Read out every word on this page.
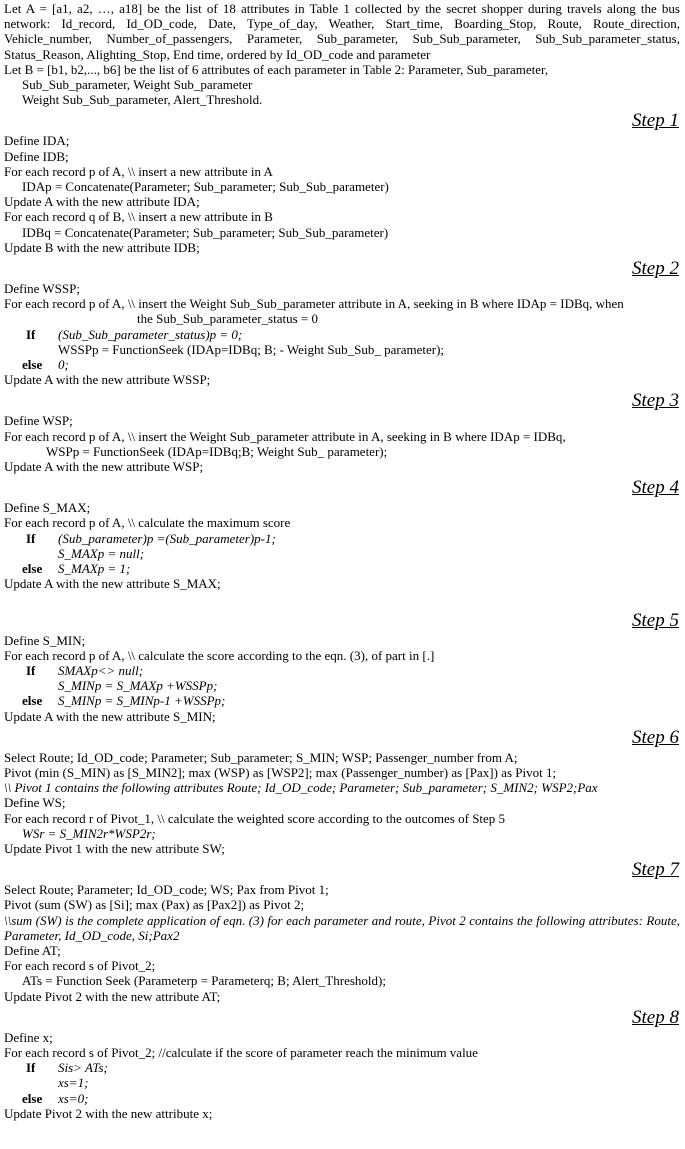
Let A = [a1, a2, …, a18] be the list of 18 attributes in Table 1 collected by the secret shopper during travels along the bus network: Id_record, Id_OD_code, Date, Type_of_day, Weather, Start_time, Boarding_Stop, Route, Route_direction, Vehicle_number, Number_of_passengers, Parameter, Sub_parameter, Sub_Sub_parameter, Sub_Sub_parameter_status, Status_Reason, Alighting_Stop, End time, ordered by Id_OD_code and parameter
Let B = [b1, b2,..., b6] be the list of 6 attributes of each parameter in Table 2: Parameter, Sub_parameter,
Sub_Sub_parameter, Weight Sub_parameter
Weight Sub_Sub_parameter, Alert_Threshold.
Step 1
Define IDA;
Define IDB;
For each record p of A, \\ insert a new attribute in A
IDAp = Concatenate(Parameter; Sub_parameter; Sub_Sub_parameter)
Update A with the new attribute IDA;
For each record q of B, \\ insert a new attribute in B
IDBq = Concatenate(Parameter; Sub_parameter; Sub_Sub_parameter)
Update B with the new attribute IDB;
Step 2
Define WSSP;
For each record p of A, \\ insert the Weight Sub_Sub_parameter attribute in A, seeking in B where IDAp = IDBq, when
the Sub_Sub_parameter_status = 0
If	(Sub_Sub_parameter_status)p = 0;
WSSPp = FunctionSeek (IDAp=IDBq; B; - Weight Sub_Sub_ parameter);
else	0;
Update A with the new attribute WSSP;
Step 3
Define WSP;
For each record p of A, \\ insert the Weight Sub_parameter attribute in A, seeking in B where IDAp = IDBq,
WSPp = FunctionSeek (IDAp=IDBq;B; Weight Sub_ parameter);
Update A with the new attribute WSP;
Step 4
Define S_MAX;
For each record p of A, \\ calculate the maximum score
If	(Sub_parameter)p =(Sub_parameter)p-1;
S_MAXp = null;
else	S_MAXp = 1;
Update A with the new attribute S_MAX;
Step 5
Define S_MIN;
For each record p of A, \\ calculate the score according to the eqn. (3), of part in [.]
If	SMAXp<> null;
S_MINp = S_MAXp +WSSPp;
else	S_MINp = S_MINp-1 +WSSPp;
Update A with the new attribute S_MIN;
Step 6
Select Route; Id_OD_code; Parameter; Sub_parameter; S_MIN; WSP; Passenger_number from A;
Pivot (min (S_MIN) as [S_MIN2]; max (WSP) as [WSP2]; max (Passenger_number) as [Pax]) as Pivot 1;
\\ Pivot 1 contains the following attributes Route; Id_OD_code; Parameter; Sub_parameter; S_MIN2; WSP2;Pax
Define WS;
For each record r of Pivot_1, \\ calculate the weighted score according to the outcomes of Step 5
WSr = S_MIN2r*WSP2r;
Update Pivot 1 with the new attribute SW;
Step 7
Select Route; Parameter; Id_OD_code; WS; Pax from Pivot 1;
Pivot (sum (SW) as [Si]; max (Pax) as [Pax2]) as Pivot 2;
\\sum (SW) is the complete application of eqn. (3) for each parameter and route, Pivot 2 contains the following attributes: Route, Parameter, Id_OD_code, Si;Pax2
Define AT;
For each record s of Pivot_2;
ATs = Function Seek (Parameterp = Parameterq; B; Alert_Threshold);
Update Pivot 2 with the new attribute AT;
Step 8
Define x;
For each record s of Pivot_2; //calculate if the score of parameter reach the minimum value
If	Sis> ATs;
xs=1;
else	xs=0;
Update Pivot 2 with the new attribute x;
